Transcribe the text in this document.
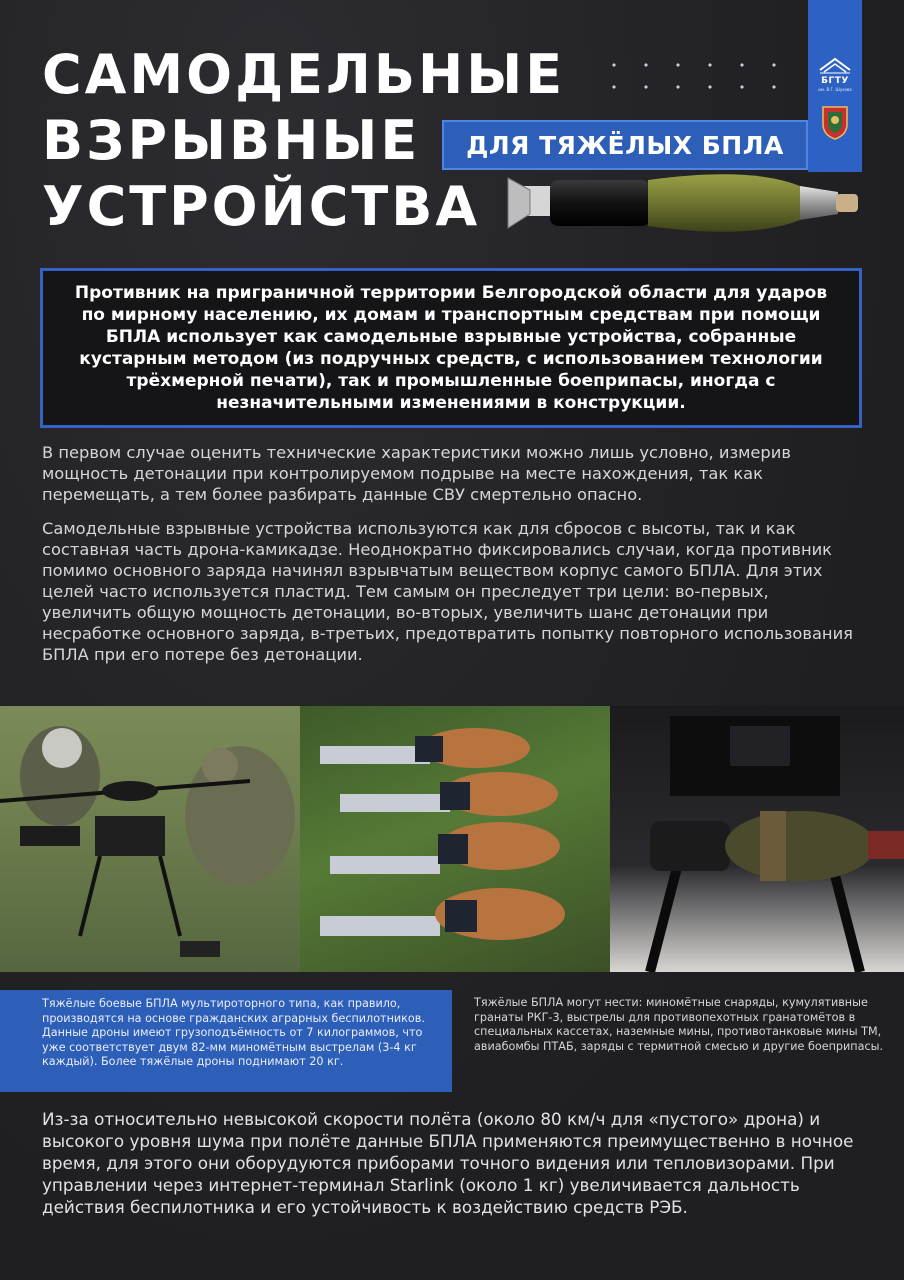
САМОДЕЛЬНЫЕ
ВЗРЫВНЫЕ
УСТРОЙСТВА
ДЛЯ ТЯЖЁЛЫХ БПЛА
БГТУ
им. В.Г. Шухова

Противник на приграничной территории Белгородской области для ударов по мирному населению, их домам и транспортным средствам при помощи БПЛА использует как самодельные взрывные устройства, собранные кустарным методом (из подручных средств, с использованием технологии трёхмерной печати), так и промышленные боеприпасы, иногда с незначительными изменениями в конструкции.

В первом случае оценить технические характеристики можно лишь условно, измерив мощность детонации при контролируемом подрыве на месте нахождения, так как перемещать, а тем более разбирать данные СВУ смертельно опасно.

Самодельные взрывные устройства используются как для сбросов с высоты, так и как составная часть дрона-камикадзе. Неоднократно фиксировались случаи, когда противник помимо основного заряда начинял взрывчатым веществом корпус самого БПЛА. Для этих целей часто используется пластид. Тем самым он преследует три цели: во-первых, увеличить общую мощность детонации, во-вторых, увеличить шанс детонации при несработке основного заряда, в-третьих, предотвратить попытку повторного использования БПЛА при его потере без детонации.

Тяжёлые боевые БПЛА мультироторного типа, как правило, производятся на основе гражданских аграрных беспилотников. Данные дроны имеют грузоподъёмность от 7 килограммов, что уже соответствует двум 82-мм миномётным выстрелам (3-4 кг каждый). Более тяжёлые дроны поднимают 20 кг.

Тяжёлые БПЛА могут нести: миномётные снаряды, кумулятивные гранаты РКГ-3, выстрелы для противопехотных гранатомётов в специальных кассетах, наземные мины, противотанковые мины ТМ, авиабомбы ПТАБ, заряды с термитной смесью и другие боеприпасы.

Из-за относительно невысокой скорости полёта (около 80 км/ч для «пустого» дрона) и высокого уровня шума при полёте данные БПЛА применяются преимущественно в ночное время, для этого они оборудуются приборами точного видения или тепловизорами. При управлении через интернет-терминал Starlink (около 1 кг) увеличивается дальность действия беспилотника и его устойчивость к воздействию средств РЭБ.
